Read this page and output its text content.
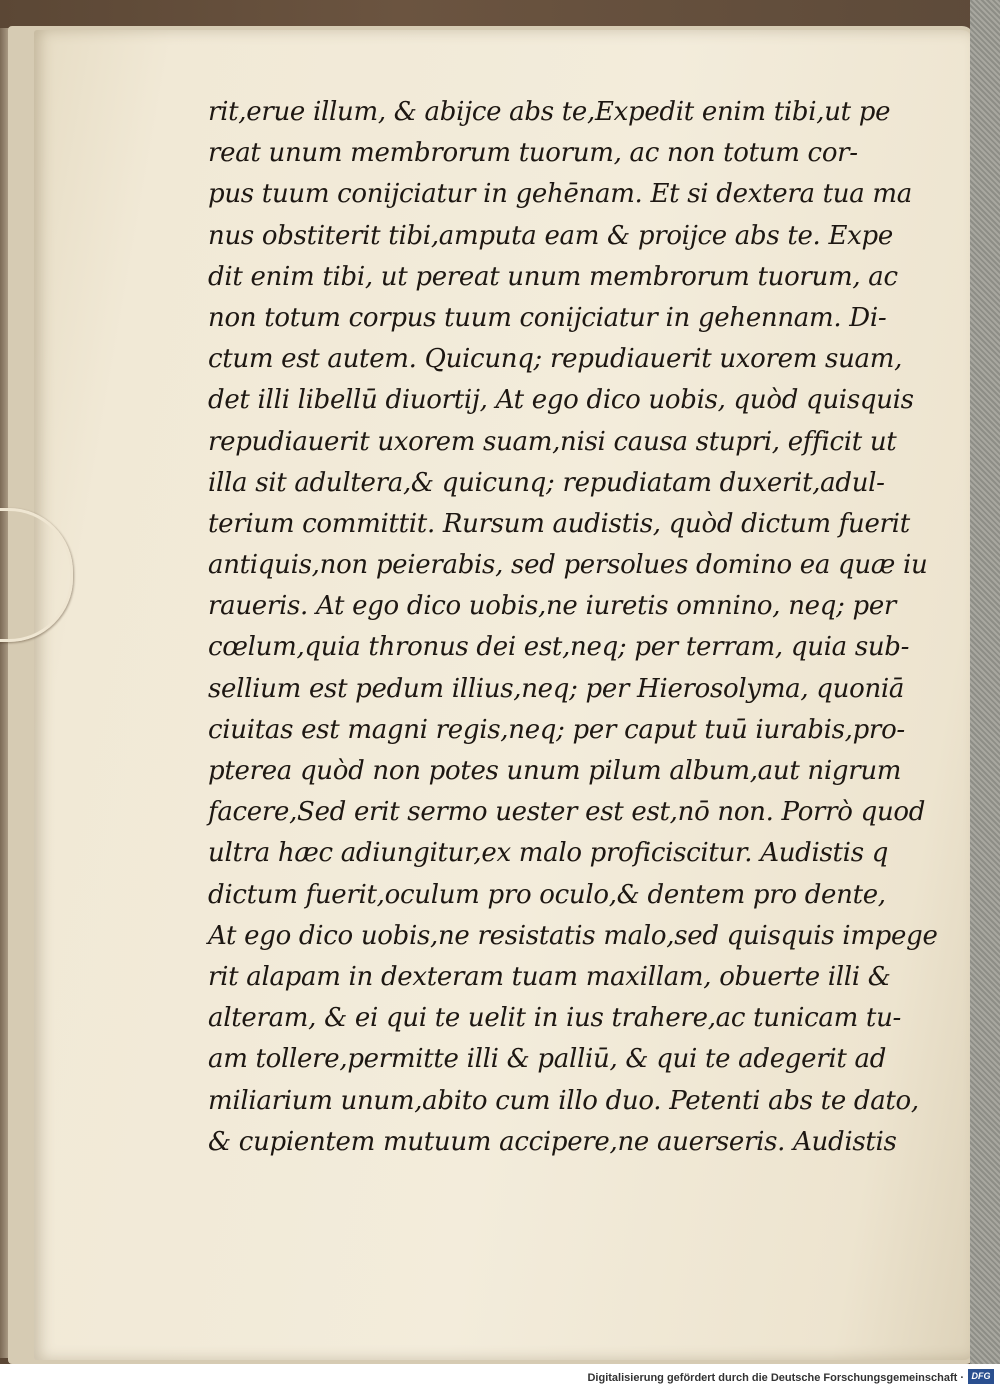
rit,erue illum, & abijce abs te,Expedit enim tibi,ut pe
reat unum membrorum tuorum, ac non totum cor-
pus tuum conijciatur in gehēnam. Et si dextera tua ma
nus obstiterit tibi,amputa eam & proijce abs te. Expe
dit enim tibi, ut pereat unum membrorum tuorum, ac
non totum corpus tuum conijciatur in gehennam. Di-
ctum est autem. Quicunq; repudiauerit uxorem suam,
det illi libellū diuortij, At ego dico uobis, quòd quisquis
repudiauerit uxorem suam,nisi causa stupri, efficit ut
illa sit adultera,& quicunq; repudiatam duxerit,adul-
terium committit. Rursum audistis, quòd dictum fuerit
antiquis,non peierabis, sed persolues domino ea quæ iu
raueris. At ego dico uobis,ne iuretis omnino, neq; per
cœlum,quia thronus dei est,neq; per terram, quia sub-
sellium est pedum illius,neq; per Hierosolyma, quoniā
ciuitas est magni regis,neq; per caput tuū iurabis,pro-
pterea quòd non potes unum pilum album,aut nigrum
facere,Sed erit sermo uester est est,nō non. Porrò quod
ultra hæc adiungitur,ex malo proficiscitur. Audistis q
dictum fuerit,oculum pro oculo,& dentem pro dente,
At ego dico uobis,ne resistatis malo,sed quisquis impege
rit alapam in dexteram tuam maxillam, obuerte illi &
alteram, & ei qui te uelit in ius trahere,ac tunicam tu-
am tollere,permitte illi & palliū, & qui te adegerit ad
miliarium unum,abito cum illo duo. Petenti abs te dato,
& cupientem mutuum accipere,ne auerseris. Audistis
Digitalisierung gefördert durch die Deutsche Forschungsgemeinschaft · DFG
